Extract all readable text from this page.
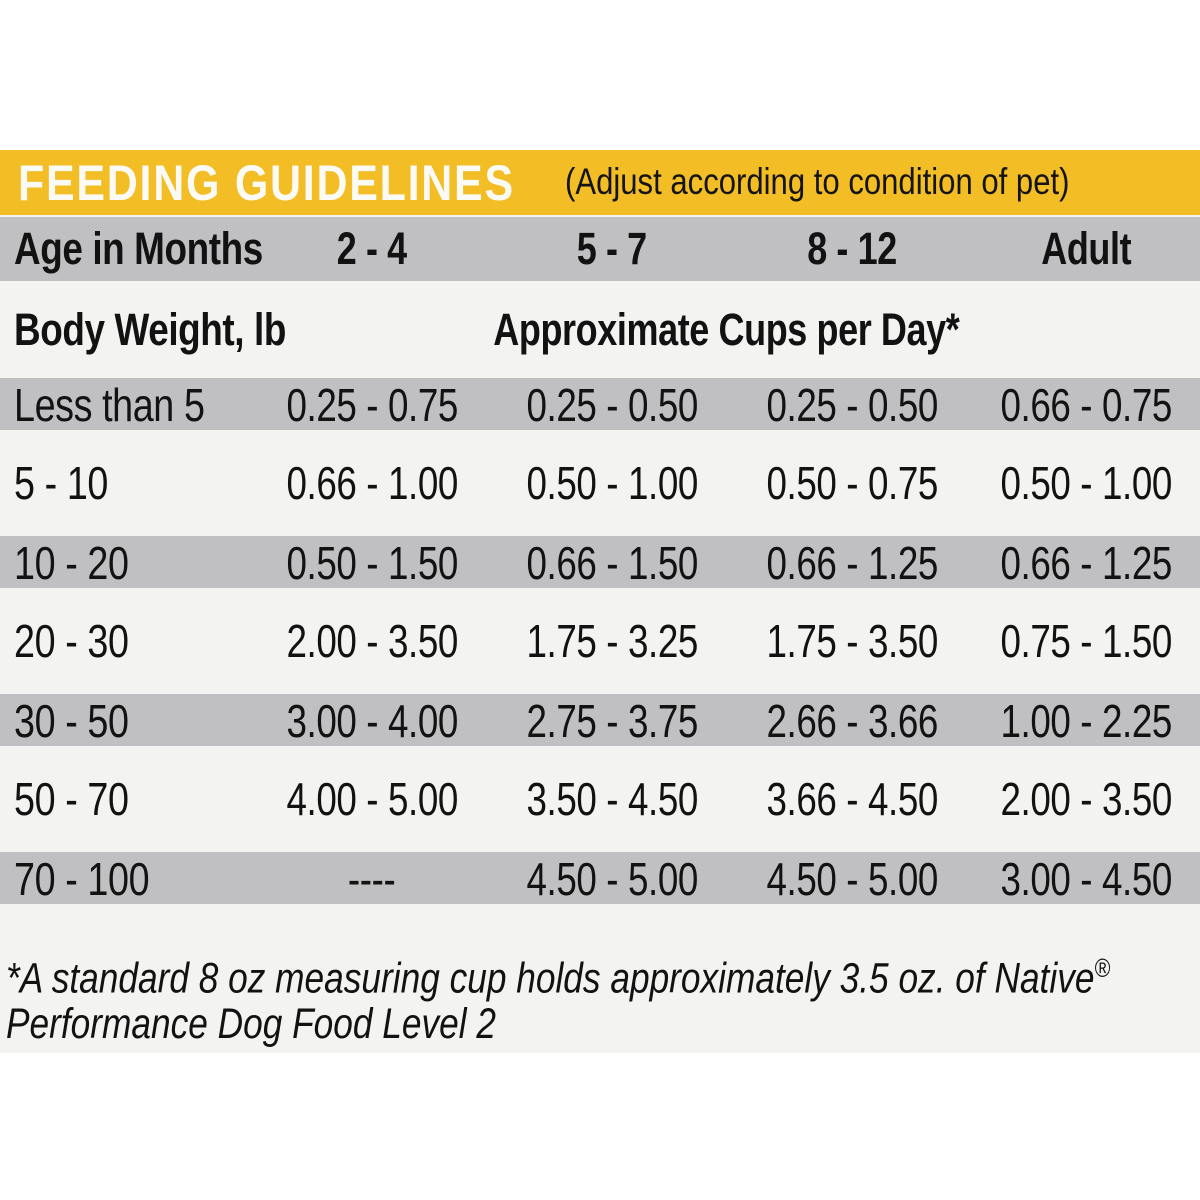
FEEDING GUIDELINES (Adjust according to condition of pet)
Age in Months	2 - 4	5 - 7	8 - 12	Adult
Body Weight, lb	Approximate Cups per Day*
Less than 5	0.25 - 0.75	0.25 - 0.50	0.25 - 0.50	0.66 - 0.75
5 - 10	0.66 - 1.00	0.50 - 1.00	0.50 - 0.75	0.50 - 1.00
10 - 20	0.50 - 1.50	0.66 - 1.50	0.66 - 1.25	0.66 - 1.25
20 - 30	2.00 - 3.50	1.75 - 3.25	1.75 - 3.50	0.75 - 1.50
30 - 50	3.00 - 4.00	2.75 - 3.75	2.66 - 3.66	1.00 - 2.25
50 - 70	4.00 - 5.00	3.50 - 4.50	3.66 - 4.50	2.00 - 3.50
70 - 100	----	4.50 - 5.00	4.50 - 5.00	3.00 - 4.50
*A standard 8 oz measuring cup holds approximately 3.5 oz. of Native®
Performance Dog Food Level 2
